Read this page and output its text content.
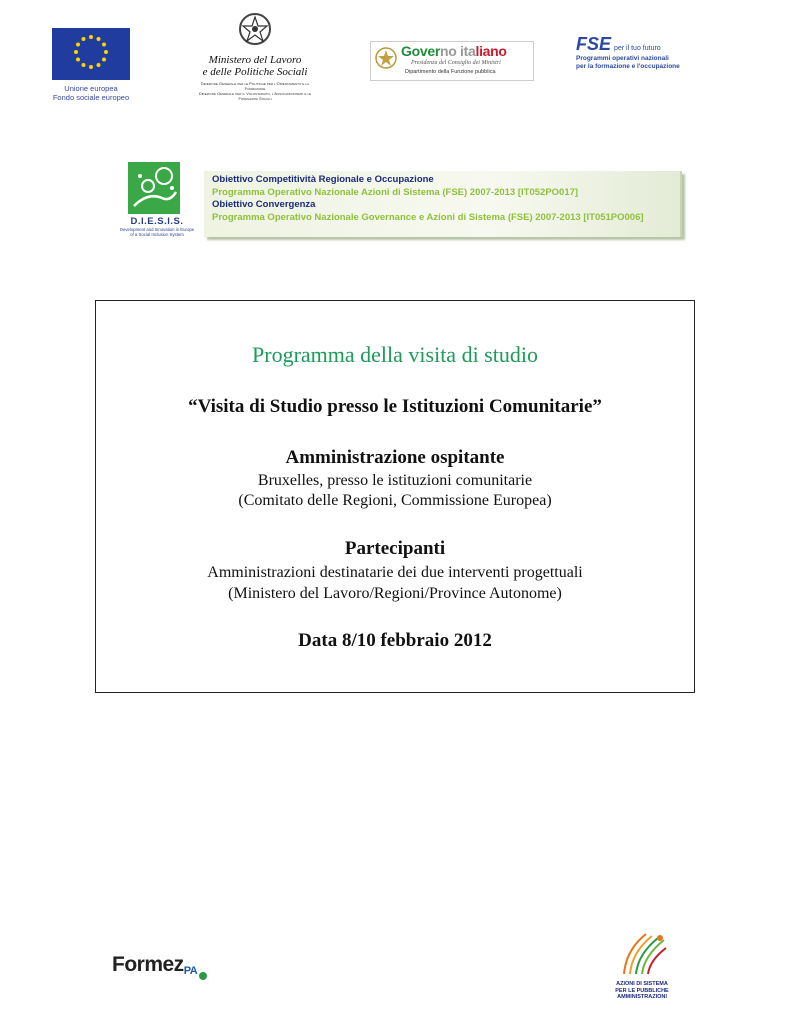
Unione europea
Fondo sociale europeo
Ministero del Lavoro
e delle Politiche Sociali
Direzione Generale per le Politiche per l'Orientamento e la Formazione
Direzione Generale per il Volontariato, l'Associazionismo e le Formazioni Sociali
Governo italiano
Presidenza del Consiglio dei Ministri
Dipartimento della Funzione pubblica
FSE per il tuo futuro
Programmi operativi nazionali
per la formazione e l'occupazione
D.I.E.S.I.S.
Development and Innovation in Europe
of a Social Inclusion System
Obiettivo Competitività Regionale e Occupazione
Programma Operativo Nazionale Azioni di Sistema (FSE) 2007-2013 [IT052PO017]
Obiettivo Convergenza
Programma Operativo Nazionale Governance e Azioni di Sistema (FSE) 2007-2013 [IT051PO006]
Programma della visita di studio
“Visita di Studio presso le Istituzioni Comunitarie”
Amministrazione ospitante
Bruxelles, presso le istituzioni comunitarie
(Comitato delle Regioni, Commissione Europea)
Partecipanti
Amministrazioni destinatarie dei due interventi progettuali
(Ministero del Lavoro/Regioni/Province Autonome)
Data 8/10 febbraio 2012
FormezPA
AZIONI DI SISTEMA
PER LE PUBBLICHE
AMMINISTRAZIONI
